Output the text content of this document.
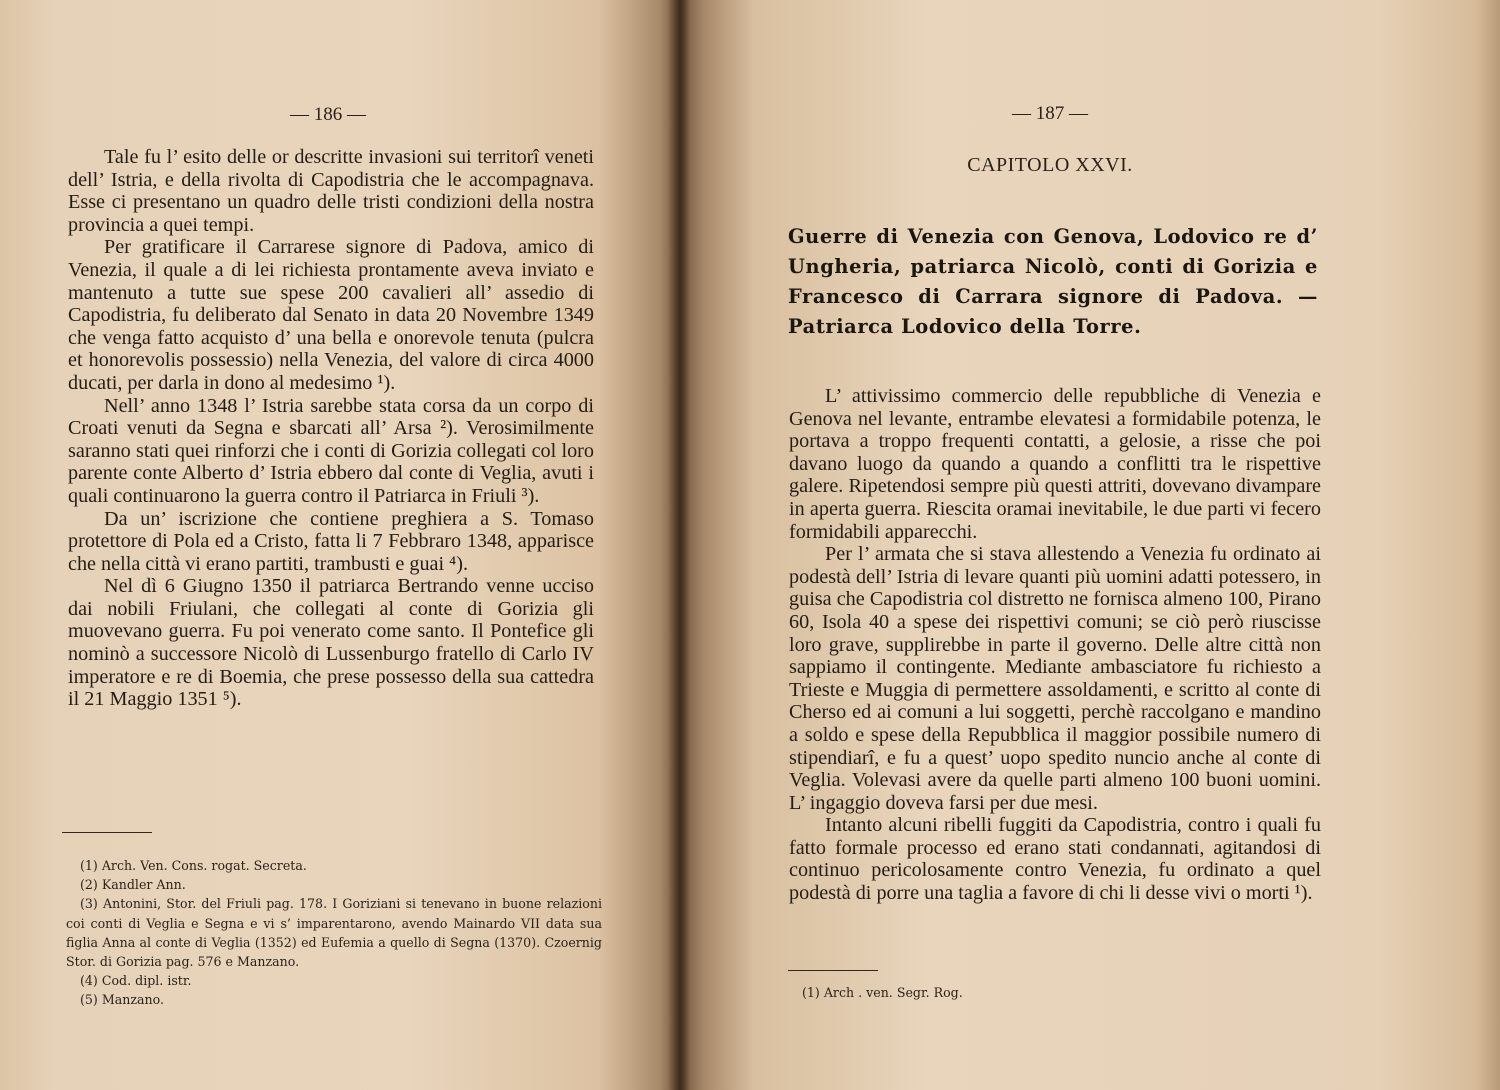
— 186 —

Tale fu l’ esito delle or descritte invasioni sui territorî veneti dell’ Istria, e della rivolta di Capodistria che le accompagnava. Esse ci presentano un quadro delle tristi condizioni della nostra provincia a quei tempi.

Per gratificare il Carrarese signore di Padova, amico di Venezia, il quale a di lei richiesta prontamente aveva inviato e mantenuto a tutte sue spese 200 cavalieri all’ assedio di Capodistria, fu deliberato dal Senato in data 20 Novembre 1349 che venga fatto acquisto d’ una bella e onorevole tenuta (pulcra et honorevolis possessio) nella Venezia, del valore di circa 4000 ducati, per darla in dono al medesimo ¹).

Nell’ anno 1348 l’ Istria sarebbe stata corsa da un corpo di Croati venuti da Segna e sbarcati all’ Arsa ²). Verosimilmente saranno stati quei rinforzi che i conti di Gorizia collegati col loro parente conte Alberto d’ Istria ebbero dal conte di Veglia, avuti i quali continuarono la guerra contro il Patriarca in Friuli ³).

Da un’ iscrizione che contiene preghiera a S. Tomaso protettore di Pola ed a Cristo, fatta li 7 Febbraro 1348, apparisce che nella città vi erano partiti, trambusti e guai ⁴).

Nel dì 6 Giugno 1350 il patriarca Bertrando venne ucciso dai nobili Friulani, che collegati al conte di Gorizia gli muovevano guerra. Fu poi venerato come santo. Il Pontefice gli nominò a successore Nicolò di Lussenburgo fratello di Carlo IV imperatore e re di Boemia, che prese possesso della sua cattedra il 21 Maggio 1351 ⁵).

(1) Arch. Ven. Cons. rogat. Secreta.
(2) Kandler Ann.
(3) Antonini, Stor. del Friuli pag. 178. I Goriziani si tenevano in buone relazioni coi conti di Veglia e Segna e vi s’ imparentarono, avendo Mainardo VII data sua figlia Anna al conte di Veglia (1352) ed Eufemia a quello di Segna (1370). Czoernig Stor. di Gorizia pag. 576 e Manzano.
(4) Cod. dipl. istr.
(5) Manzano.
— 187 —
CAPITOLO XXVI.
Guerre di Venezia con Genova, Lodovico re d’ Ungheria, patriarca Nicolò, conti di Gorizia e Francesco di Carrara signore di Padova. — Patriarca Lodovico della Torre.

L’ attivissimo commercio delle repubbliche di Venezia e Genova nel levante, entrambe elevatesi a formidabile potenza, le portava a troppo frequenti contatti, a gelosie, a risse che poi davano luogo da quando a quando a conflitti tra le rispettive galere. Ripetendosi sempre più questi attriti, dovevano divampare in aperta guerra. Riescita oramai inevitabile, le due parti vi fecero formidabili apparecchi.

Per l’ armata che si stava allestendo a Venezia fu ordinato ai podestà dell’ Istria di levare quanti più uomini adatti potessero, in guisa che Capodistria col distretto ne fornisca almeno 100, Pirano 60, Isola 40 a spese dei rispettivi comuni; se ciò però riuscisse loro grave, supplirebbe in parte il governo. Delle altre città non sappiamo il contingente. Mediante ambasciatore fu richiesto a Trieste e Muggia di permettere assoldamenti, e scritto al conte di Cherso ed ai comuni a lui soggetti, perchè raccolgano e mandino a soldo e spese della Repubblica il maggior possibile numero di stipendiarî, e fu a quest’ uopo spedito nuncio anche al conte di Veglia. Volevasi avere da quelle parti almeno 100 buoni uomini. L’ ingaggio doveva farsi per due mesi.

Intanto alcuni ribelli fuggiti da Capodistria, contro i quali fu fatto formale processo ed erano stati condannati, agitandosi di continuo pericolosamente contro Venezia, fu ordinato a quel podestà di porre una taglia a favore di chi li desse vivi o morti ¹).

(1) Arch . ven. Segr. Rog.
